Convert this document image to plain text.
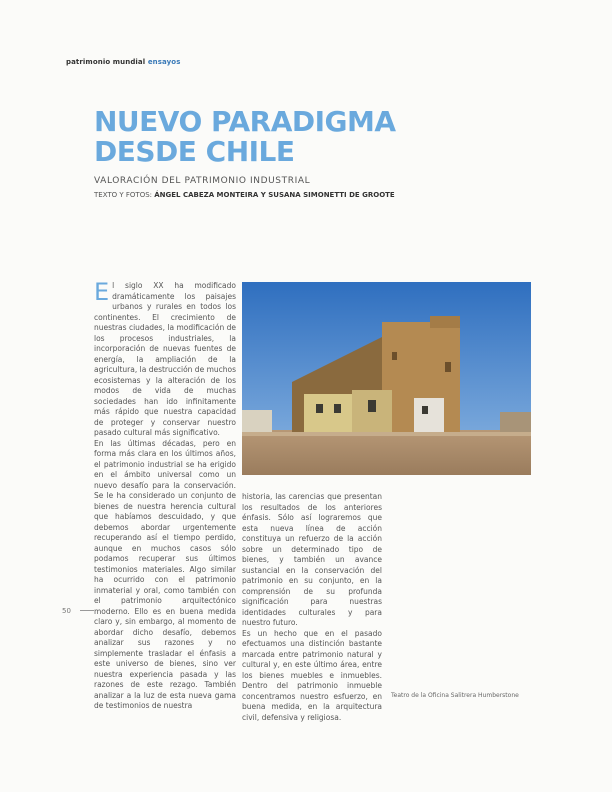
patrimonio mundial ensayos
NUEVO PARADIGMA
DESDE CHILE
VALORACIÓN DEL PATRIMONIO INDUSTRIAL
TEXTO Y FOTOS: ÁNGEL CABEZA MONTEIRA Y SUSANA SIMONETTI DE GROOTE

El siglo XX ha modificado dramáticamente los paisajes urbanos y rurales en todos los continentes. El crecimiento de nuestras ciudades, la modificación de los procesos industriales, la incorporación de nuevas fuentes de energía, la ampliación de la agricultura, la destrucción de muchos ecosistemas y la alteración de los modos de vida de muchas sociedades han ido infinitamente más rápido que nuestra capacidad de proteger y conservar nuestro pasado cultural más significativo.

En las últimas décadas, pero en forma más clara en los últimos años, el patrimonio industrial se ha erigido en el ámbito universal como un nuevo desafío para la conservación. Se le ha considerado un conjunto de bienes de nuestra herencia cultural que habíamos descuidado, y que debemos abordar urgentemente recuperando así el tiempo perdido, aunque en muchos casos sólo podamos recuperar sus últimos testimonios materiales. Algo similar ha ocurrido con el patrimonio inmaterial y oral, como también con el patrimonio arquitectónico moderno. Ello es en buena medida claro y, sin embargo, al momento de abordar dicho desafío, debemos analizar sus razones y no simplemente trasladar el énfasis a este universo de bienes, sino ver nuestra experiencia pasada y las razones de este rezago. También analizar a la luz de esta nueva gama de testimonios de nuestra

historia, las carencias que presentan los resultados de los anteriores énfasis. Sólo así lograremos que esta nueva línea de acción constituya un refuerzo de la acción sobre un determinado tipo de bienes, y también un avance sustancial en la conservación del patrimonio en su conjunto, en la comprensión de su profunda significación para nuestras identidades culturales y para nuestro futuro.

Es un hecho que en el pasado efectuamos una distinción bastante marcada entre patrimonio natural y cultural y, en este último área, entre los bienes muebles e inmuebles. Dentro del patrimonio inmueble concentramos nuestro esfuerzo, en buena medida, en la arquitectura civil, defensiva y religiosa.

Teatro de la Oficina Salitrera Humberstone
50
